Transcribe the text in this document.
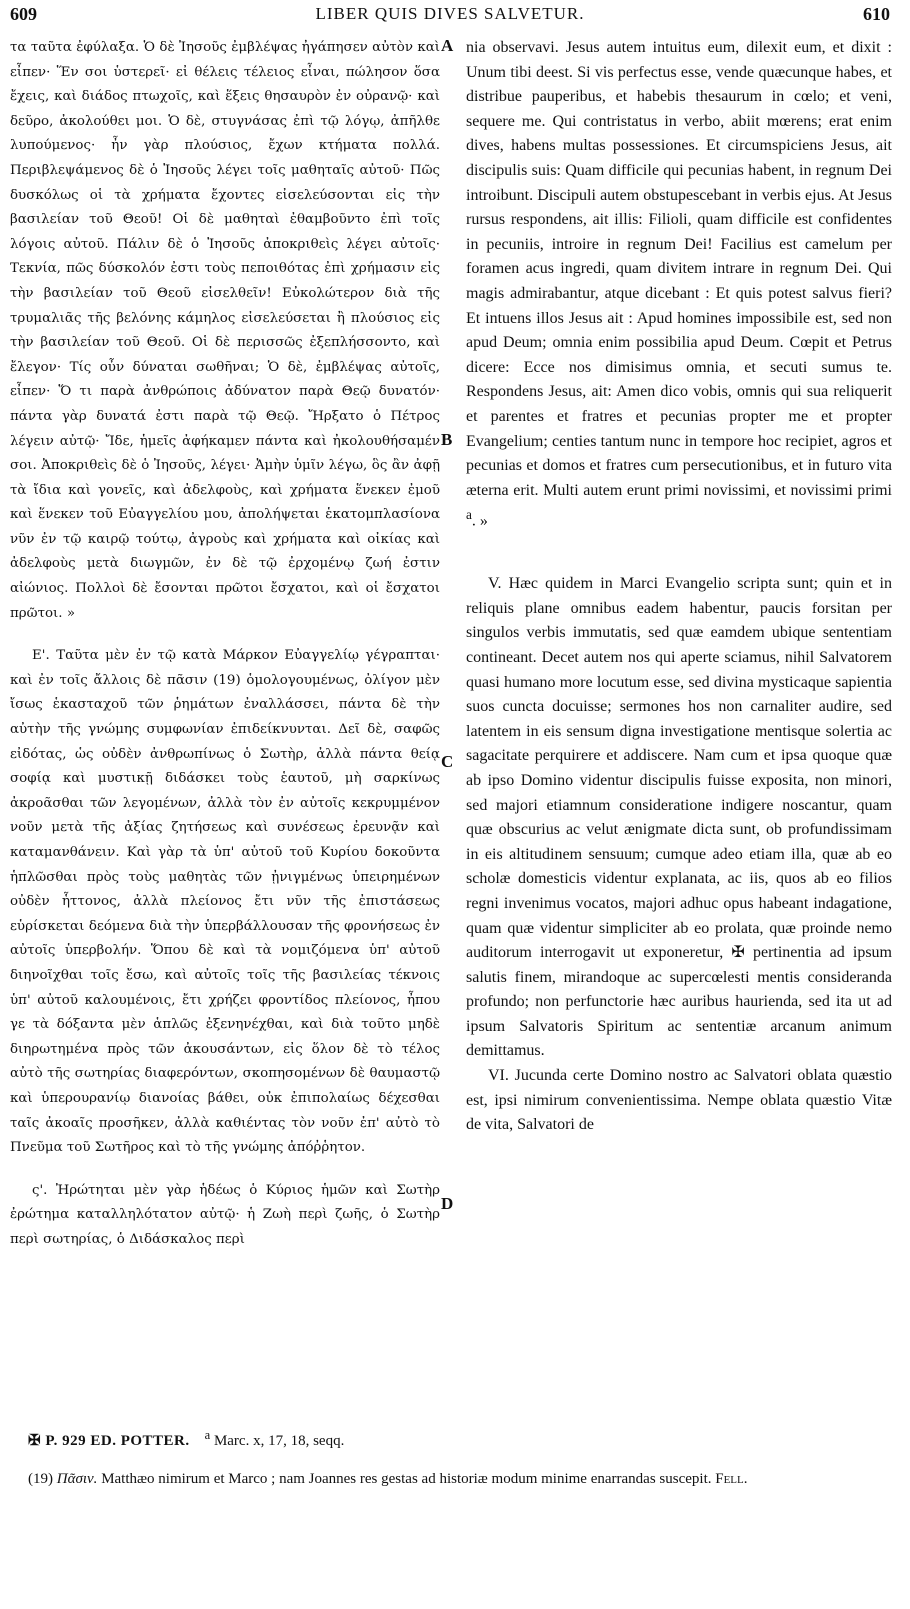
609	LIBER QUIS DIVES SALVETUR.	610

τα ταῦτα ἐφύλαξα. Ὁ δὲ Ἰησοῦς ἐμβλέψας ἠγάπησεν αὐτὸν καὶ εἶπεν· Ἕν σοι ὑστερεῖ· εἰ θέλεις τέλειος εἶναι, πώλησον ὅσα ἔχεις, καὶ διάδος πτωχοῖς, καὶ ἕξεις θησαυρὸν ἐν οὐρανῷ· καὶ δεῦρο, ἀκολούθει μοι. Ὁ δὲ, στυγνάσας ἐπὶ τῷ λόγῳ, ἀπῆλθε λυπούμενος· ἦν γὰρ πλούσιος, ἔχων κτήματα πολλά. Περιβλεψάμενος δὲ ὁ Ἰησοῦς λέγει τοῖς μαθηταῖς αὐτοῦ· Πῶς δυσκόλως οἱ τὰ χρήματα ἔχοντες εἰσελεύσονται εἰς τὴν βασιλείαν τοῦ Θεοῦ! Οἱ δὲ μαθηταὶ ἐθαμβοῦντο ἐπὶ τοῖς λόγοις αὐτοῦ. Πάλιν δὲ ὁ Ἰησοῦς ἀποκριθεὶς λέγει αὐτοῖς· Τεκνία, πῶς δύσκολόν ἐστι τοὺς πεποιθότας ἐπὶ χρήμασιν εἰς τὴν βασιλείαν τοῦ Θεοῦ εἰσελθεῖν! Εὐκολώτερον διὰ τῆς τρυμαλιᾶς τῆς βελόνης κάμηλος εἰσελεύσεται ἢ πλούσιος εἰς τὴν βασιλείαν τοῦ Θεοῦ. Οἱ δὲ περισσῶς ἐξεπλήσσοντο, καὶ ἔλεγον· Τίς οὖν δύναται σωθῆναι; Ὁ δὲ, ἐμβλέψας αὐτοῖς, εἶπεν· Ὅ τι παρὰ ἀνθρώποις ἀδύνατον παρὰ Θεῷ δυνατόν· πάντα γὰρ δυνατά ἐστι παρὰ τῷ Θεῷ. Ἤρξατο ὁ Πέτρος λέγειν αὐτῷ· Ἴδε, ἡμεῖς ἀφήκαμεν πάντα καὶ ἠκολουθήσαμέν σοι. Ἀποκριθεὶς δὲ ὁ Ἰησοῦς, λέγει· Ἀμὴν ὑμῖν λέγω, ὃς ἂν ἀφῇ τὰ ἴδια καὶ γονεῖς, καὶ ἀδελφοὺς, καὶ χρήματα ἕνεκεν ἐμοῦ καὶ ἕνεκεν τοῦ Εὐαγγελίου μου, ἀπολήψεται ἑκατομπλασίονα νῦν ἐν τῷ καιρῷ τούτῳ, ἀγροὺς καὶ χρήματα καὶ οἰκίας καὶ ἀδελφοὺς μετὰ διωγμῶν, ἐν δὲ τῷ ἐρχομένῳ ζωή ἐστιν αἰώνιος. Πολλοὶ δὲ ἔσονται πρῶτοι ἔσχατοι, καὶ οἱ ἔσχατοι πρῶτοι. »

Ε'. Ταῦτα μὲν ἐν τῷ κατὰ Μάρκον Εὐαγγελίῳ γέγραπται· καὶ ἐν τοῖς ἄλλοις δὲ πᾶσιν (19) ὁμολογουμένως, ὀλίγον μὲν ἴσως ἑκασταχοῦ τῶν ῥημάτων ἐναλλάσσει, πάντα δὲ τὴν αὐτὴν τῆς γνώμης συμφωνίαν ἐπιδείκνυνται. Δεῖ δὲ, σαφῶς εἰδότας, ὡς οὐδὲν ἀνθρωπίνως ὁ Σωτὴρ, ἀλλὰ πάντα θείᾳ σοφίᾳ καὶ μυστικῇ διδάσκει τοὺς ἑαυτοῦ, μὴ σαρκίνως ἀκροᾶσθαι τῶν λεγομένων, ἀλλὰ τὸν ἐν αὐτοῖς κεκρυμμένον νοῦν μετὰ τῆς ἀξίας ζητήσεως καὶ συνέσεως ἐρευνᾷν καὶ καταμανθάνειν. Καὶ γὰρ τὰ ὑπ' αὐτοῦ τοῦ Κυρίου δοκοῦντα ἡπλῶσθαι πρὸς τοὺς μαθητὰς τῶν ᾐνιγμένως ὑπειρημένων οὐδὲν ἧττονος, ἀλλὰ πλείονος ἔτι νῦν τῆς ἐπιστάσεως εὑρίσκεται δεόμενα διὰ τὴν ὑπερβάλλουσαν τῆς φρονήσεως ἐν αὐτοῖς ὑπερβολήν. Ὅπου δὲ καὶ τὰ νομιζόμενα ὑπ' αὐτοῦ διηνοῖχθαι τοῖς ἔσω, καὶ αὐτοῖς τοῖς τῆς βασιλείας τέκνοις ὑπ' αὐτοῦ καλουμένοις, ἔτι χρήζει φροντίδος πλείονος, ἦπου γε τὰ δόξαντα μὲν ἁπλῶς ἐξενηνέχθαι, καὶ διὰ τοῦτο μηδὲ διηρωτημένα πρὸς τῶν ἀκουσάντων, εἰς ὅλον δὲ τὸ τέλος αὐτὸ τῆς σωτηρίας διαφερόντων, σκοπησομένων δὲ θαυμαστῷ καὶ ὑπερουρανίῳ διανοίας βάθει, οὐκ ἐπιπολαίως δέχεσθαι ταῖς ἀκοαῖς προσῆκεν, ἀλλὰ καθιέντας τὸν νοῦν ἐπ' αὐτὸ τὸ Πνεῦμα τοῦ Σωτῆρος καὶ τὸ τῆς γνώμης ἀπόῤῥητον.

ς'. Ἠρώτηται μὲν γὰρ ἡδέως ὁ Κύριος ἡμῶν καὶ Σωτὴρ ἐρώτημα καταλληλότατον αὐτῷ· ἡ Ζωὴ περὶ ζωῆς, ὁ Σωτὴρ περὶ σωτηρίας, ὁ Διδάσκαλος περὶ

nia observavi. Jesus autem intuitus eum, dilexit eum, et dixit : Unum tibi deest. Si vis perfectus esse, vende quæcunque habes, et distribue pauperibus, et habebis thesaurum in cœlo; et veni, sequere me. Qui contristatus in verbo, abiit mœrens; erat enim dives, habens multas possessiones. Et circumspiciens Jesus, ait discipulis suis: Quam difficile qui pecunias habent, in regnum Dei introibunt. Discipuli autem obstupescebant in verbis ejus. At Jesus rursus respondens, ait illis: Filioli, quam difficile est confidentes in pecuniis, introire in regnum Dei! Facilius est camelum per foramen acus ingredi, quam divitem intrare in regnum Dei. Qui magis admirabantur, atque dicebant : Et quis potest salvus fieri? Et intuens illos Jesus ait : Apud homines impossibile est, sed non apud Deum; omnia enim possibilia apud Deum. Cœpit et Petrus dicere: Ecce nos dimisimus omnia, et secuti sumus te. Respondens Jesus, ait: Amen dico vobis, omnis qui sua reliquerit et parentes et fratres et pecunias propter me et propter Evangelium; centies tantum nunc in tempore hoc recipiet, agros et pecunias et domos et fratres cum persecutionibus, et in futuro vita æterna erit. Multi autem erunt primi novissimi, et novissimi primi $^a$. »

V. Hæc quidem in Marci Evangelio scripta sunt; quin et in reliquis plane omnibus eadem habentur, paucis forsitan per singulos verbis immutatis, sed quæ eamdem ubique sententiam contineant. Decet autem nos qui aperte sciamus, nihil Salvatorem quasi humano more locutum esse, sed divina mysticaque sapientia suos cuncta docuisse; sermones hos non carnaliter audire, sed latentem in eis sensum digna investigatione mentisque solertia ac sagacitate perquirere et addiscere. Nam cum et ipsa quoque quæ ab ipso Domino videntur discipulis fuisse exposita, non minori, sed majori etiamnum consideratione indigere noscantur, quam quæ obscurius ac velut ænigmate dicta sunt, ob profundissimam in eis altitudinem sensuum; cumque adeo etiam illa, quæ ab eo scholæ domesticis videntur explanata, ac iis, quos ab eo filios regni invenimus vocatos, majori adhuc opus habeant indagatione, quam quæ videntur simpliciter ab eo prolata, quæ proinde nemo auditorum interrogavit ut exponeretur, ✠ pertinentia ad ipsum salutis finem, mirandoque ac supercœlesti mentis consideranda profundo; non perfunctorie hæc auribus haurienda, sed ita ut ad ipsum Salvatoris Spiritum ac sententiæ arcanum animum demittamus.

VI. Jucunda certe Domino nostro ac Salvatori oblata quæstio est, ipsi nimirum convenientissima. Nempe oblata quæstio Vitæ de vita, Salvatori de

A
B
C
D
✠ P. 929 ED. POTTER. $^a$ Marc. x, 17, 18, seqq.
(19) Πᾶσιν. Matthæo nimirum et Marco ; nam Joannes res gestas ad historiæ modum minime enarrandas suscepit. Fell.
